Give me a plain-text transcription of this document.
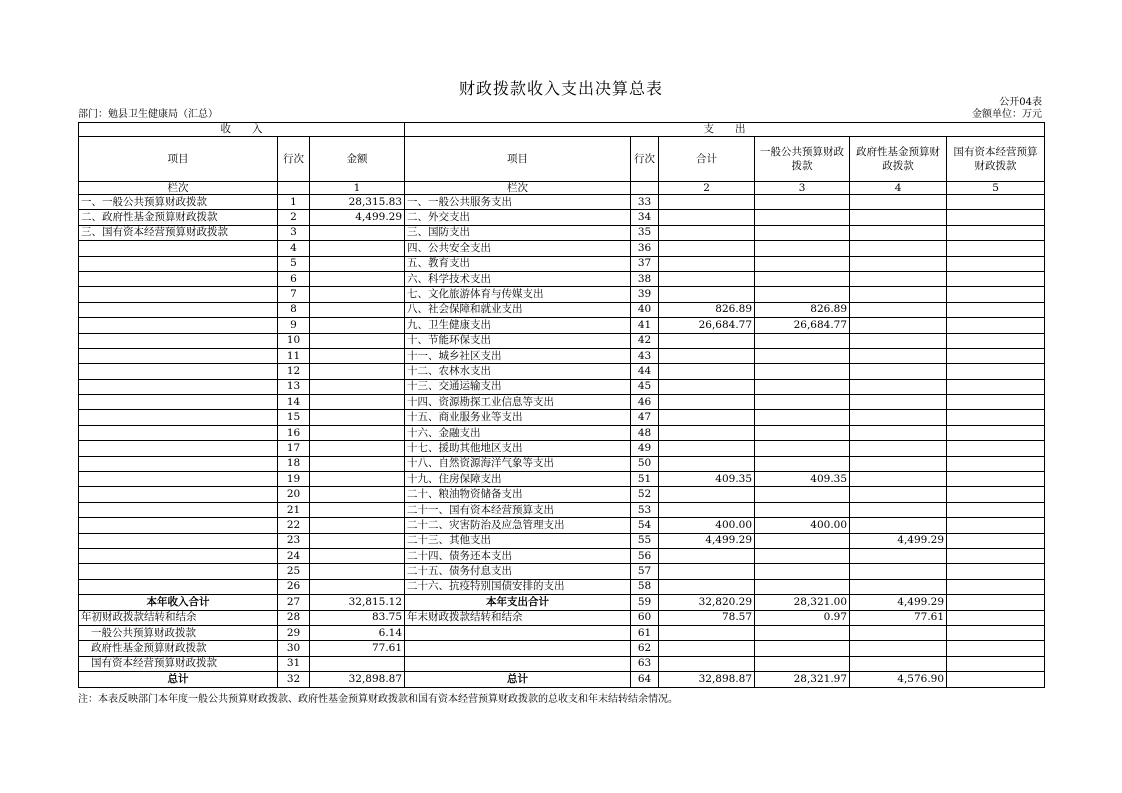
财政拨款收入支出决算总表
公开04表
部门：勉县卫生健康局（汇总）	金额单位：万元
收　　入			支　　出					
项目	行次	金额	项目	行次	合计	一般公共预算财政拨款	政府性基金预算财政拨款	国有资本经营预算财政拨款
栏次		1	栏次		2	3	4	5
一、一般公共预算财政拨款	1	28,315.83	一、一般公共服务支出	33				
二、政府性基金预算财政拨款	2	4,499.29	二、外交支出	34				
三、国有资本经营预算财政拨款	3		三、国防支出	35				
	4		四、公共安全支出	36				
	5		五、教育支出	37				
	6		六、科学技术支出	38				
	7		七、文化旅游体育与传媒支出	39				
	8		八、社会保障和就业支出	40	826.89	826.89		
	9		九、卫生健康支出	41	26,684.77	26,684.77		
	10		十、节能环保支出	42				
	11		十一、城乡社区支出	43				
	12		十二、农林水支出	44				
	13		十三、交通运输支出	45				
	14		十四、资源勘探工业信息等支出	46				
	15		十五、商业服务业等支出	47				
	16		十六、金融支出	48				
	17		十七、援助其他地区支出	49				
	18		十八、自然资源海洋气象等支出	50				
	19		十九、住房保障支出	51	409.35	409.35		
	20		二十、粮油物资储备支出	52				
	21		二十一、国有资本经营预算支出	53				
	22		二十二、灾害防治及应急管理支出	54	400.00	400.00		
	23		二十三、其他支出	55	4,499.29		4,499.29	
	24		二十四、债务还本支出	56				
	25		二十五、债务付息支出	57				
	26		二十六、抗疫特别国债安排的支出	58				
本年收入合计	27	32,815.12	本年支出合计	59	32,820.29	28,321.00	4,499.29	
年初财政拨款结转和结余	28	83.75	年末财政拨款结转和结余	60	78.57	0.97	77.61	
一般公共预算财政拨款	29	6.14		61				
政府性基金预算财政拨款	30	77.61		62				
国有资本经营预算财政拨款	31			63				
总计	32	32,898.87	总计	64	32,898.87	28,321.97	4,576.90	
注：本表反映部门本年度一般公共预算财政拨款、政府性基金预算财政拨款和国有资本经营预算财政拨款的总收支和年末结转结余情况。
